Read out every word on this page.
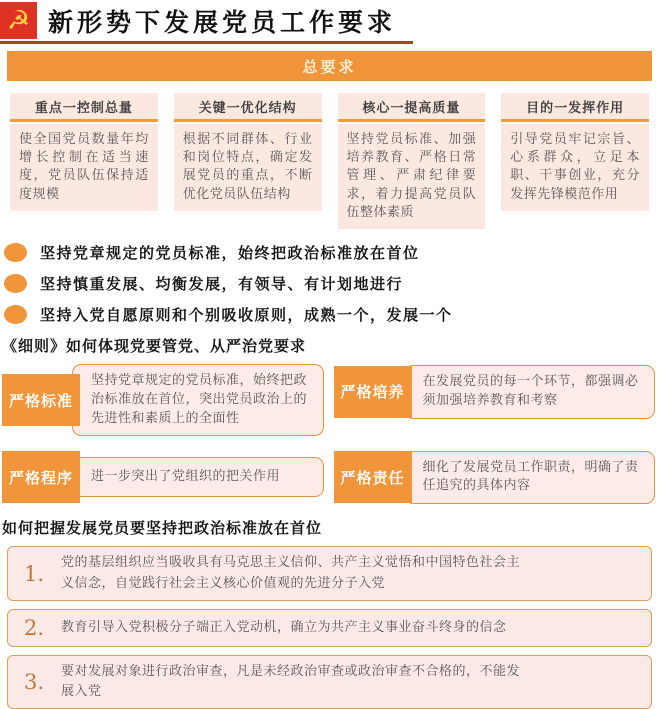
☭ 新形势下发展党员工作要求
总要求
重点一控制总量
使全国党员数量年均增长控制在适当速度，党员队伍保持适度规模
关键一优化结构
根据不同群体、行业和岗位特点，确定发展党员的重点，不断优化党员队伍结构
核心一提高质量
坚持党员标准、加强培养教育、严格日常管理、严肃纪律要求，着力提高党员队伍整体素质
目的一发挥作用
引导党员牢记宗旨、心系群众，立足本职、干事创业，充分发挥先锋模范作用
坚持党章规定的党员标准，始终把政治标准放在首位
坚持慎重发展、均衡发展，有领导、有计划地进行
坚持入党自愿原则和个别吸收原则，成熟一个，发展一个
《细则》如何体现党要管党、从严治党要求
严格标准
坚持党章规定的党员标准，始终把政治标准放在首位，突出党员政治上的先进性和素质上的全面性
严格培养
在发展党员的每一个环节，都强调必须加强培养教育和考察
严格程序	进一步突出了党组织的把关作用	严格责任
细化了发展党员工作职责，明确了责任追究的具体内容
如何把握发展党员要坚持把政治标准放在首位
1. 党的基层组织应当吸收具有马克思主义信仰、共产主义觉悟和中国特色社会主义信念，自觉践行社会主义核心价值观的先进分子入党
2. 教育引导入党积极分子端正入党动机，确立为共产主义事业奋斗终身的信念
3. 要对发展对象进行政治审查，凡是未经政治审查或政治审查不合格的，不能发展入党
